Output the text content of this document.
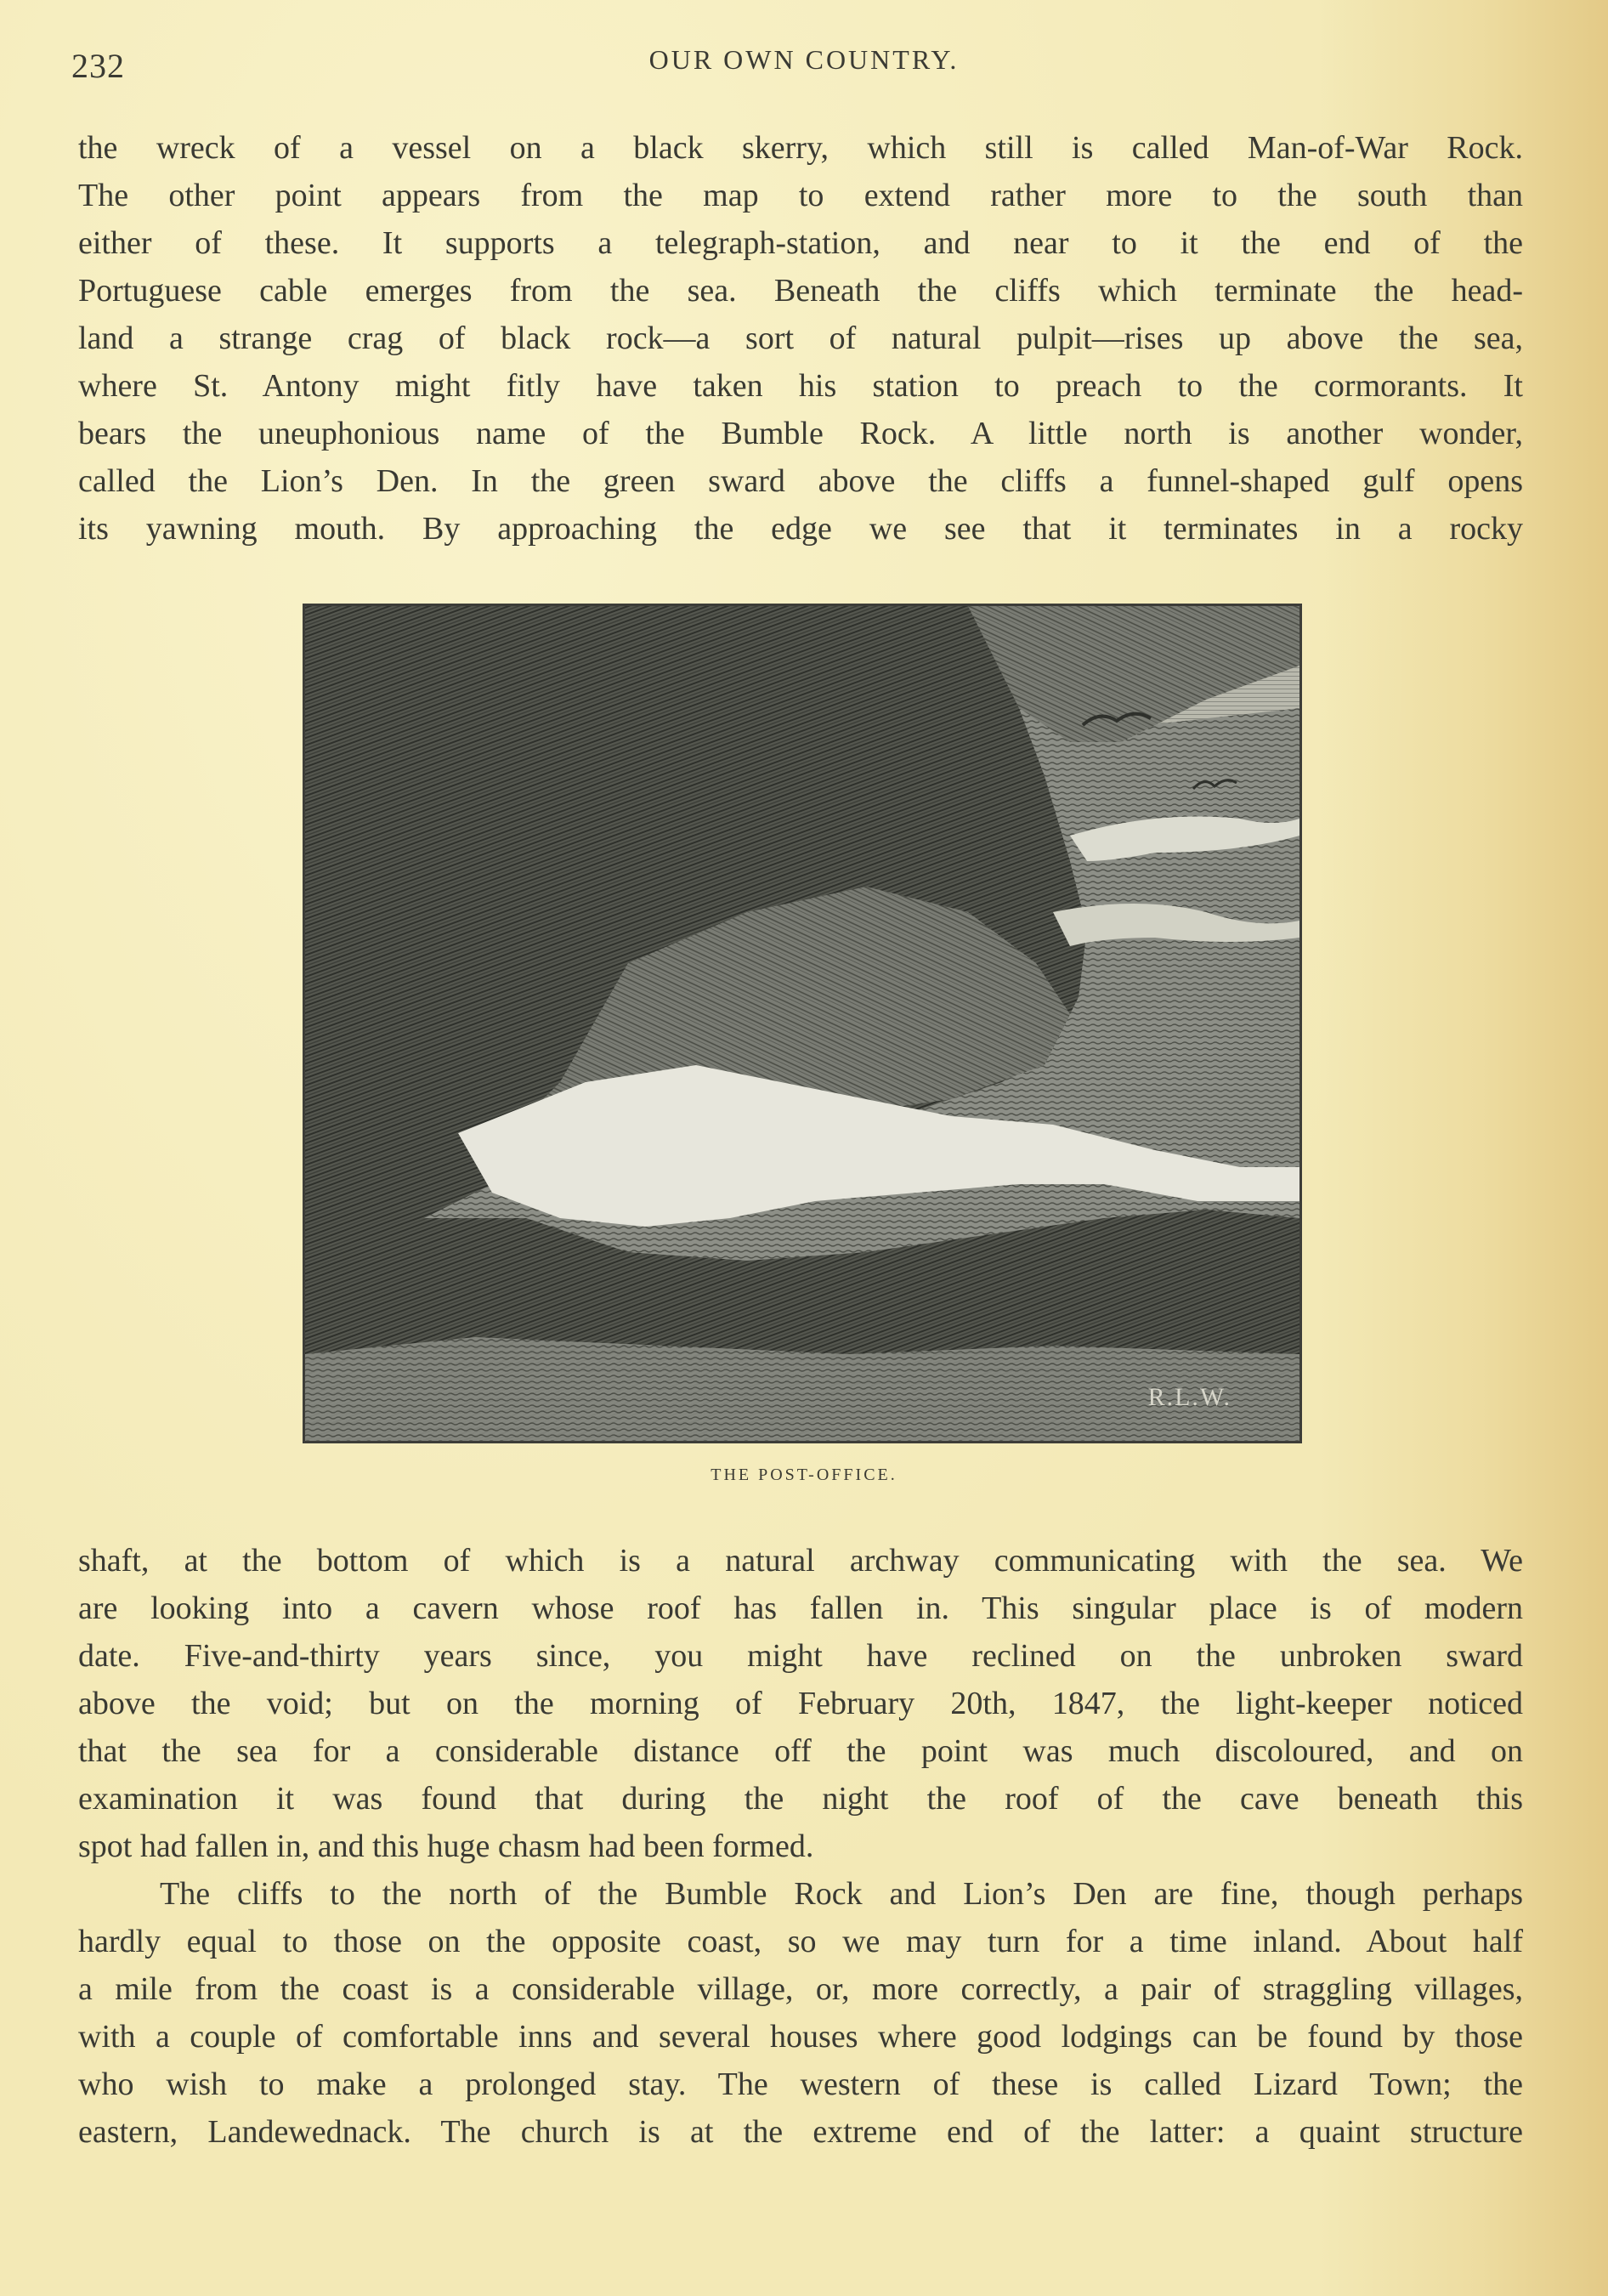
232	OUR OWN COUNTRY.
the wreck of a vessel on a black skerry, which still is called Man-of-War Rock.
The other point appears from the map to extend rather more to the south than
either of these. It supports a telegraph-station, and near to it the end of the
Portuguese cable emerges from the sea. Beneath the cliffs which terminate the head-
land a strange crag of black rock—a sort of natural pulpit—rises up above the sea,
where St. Antony might fitly have taken his station to preach to the cormorants. It
bears the uneuphonious name of the Bumble Rock. A little north is another wonder,
called the Lion’s Den. In the green sward above the cliffs a funnel-shaped gulf opens
its yawning mouth. By approaching the edge we see that it terminates in a rocky
R.L.W.
THE POST-OFFICE.
shaft, at the bottom of which is a natural archway communicating with the sea. We
are looking into a cavern whose roof has fallen in. This singular place is of modern
date. Five-and-thirty years since, you might have reclined on the unbroken sward
above the void; but on the morning of February 20th, 1847, the light-keeper noticed
that the sea for a considerable distance off the point was much discoloured, and on
examination it was found that during the night the roof of the cave beneath this
spot had fallen in, and this huge chasm had been formed.
The cliffs to the north of the Bumble Rock and Lion’s Den are fine, though perhaps
hardly equal to those on the opposite coast, so we may turn for a time inland. About half
a mile from the coast is a considerable village, or, more correctly, a pair of straggling villages,
with a couple of comfortable inns and several houses where good lodgings can be found by those
who wish to make a prolonged stay. The western of these is called Lizard Town; the
eastern, Landewednack. The church is at the extreme end of the latter: a quaint structure
